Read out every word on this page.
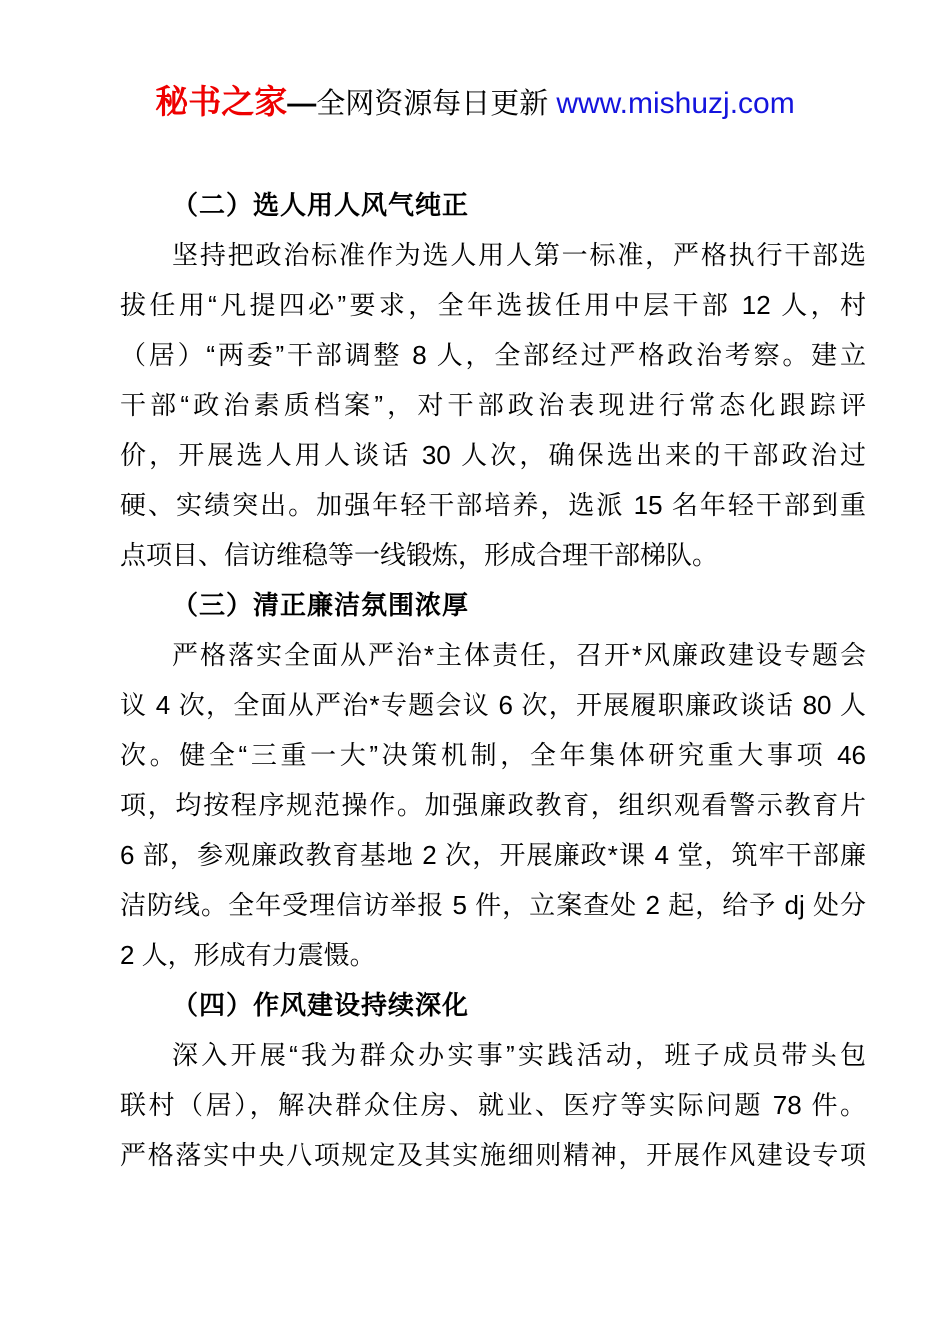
秘书之家—全网资源每日更新 www.mishuzj.com
（二）选人用人风气纯正
坚持把政治标准作为选人用人第一标准，严格执行干部选
拔任用“凡提四必”要求，全年选拔任用中层干部 12 人，村
（居）“两委”干部调整 8 人，全部经过严格政治考察。建立
干部“政治素质档案”，对干部政治表现进行常态化跟踪评
价，开展选人用人谈话 30 人次，确保选出来的干部政治过
硬、实绩突出。加强年轻干部培养，选派 15 名年轻干部到重
点项目、信访维稳等一线锻炼，形成合理干部梯队。
（三）清正廉洁氛围浓厚
严格落实全面从严治*主体责任，召开*风廉政建设专题会
议 4 次，全面从严治*专题会议 6 次，开展履职廉政谈话 80 人
次。健全“三重一大”决策机制，全年集体研究重大事项 46
项，均按程序规范操作。加强廉政教育，组织观看警示教育片
6 部，参观廉政教育基地 2 次，开展廉政*课 4 堂，筑牢干部廉
洁防线。全年受理信访举报 5 件，立案查处 2 起，给予 dj 处分
2 人，形成有力震慑。
（四）作风建设持续深化
深入开展“我为群众办实事”实践活动，班子成员带头包
联村（居），解决群众住房、就业、医疗等实际问题 78 件。
严格落实中央八项规定及其实施细则精神，开展作风建设专项
